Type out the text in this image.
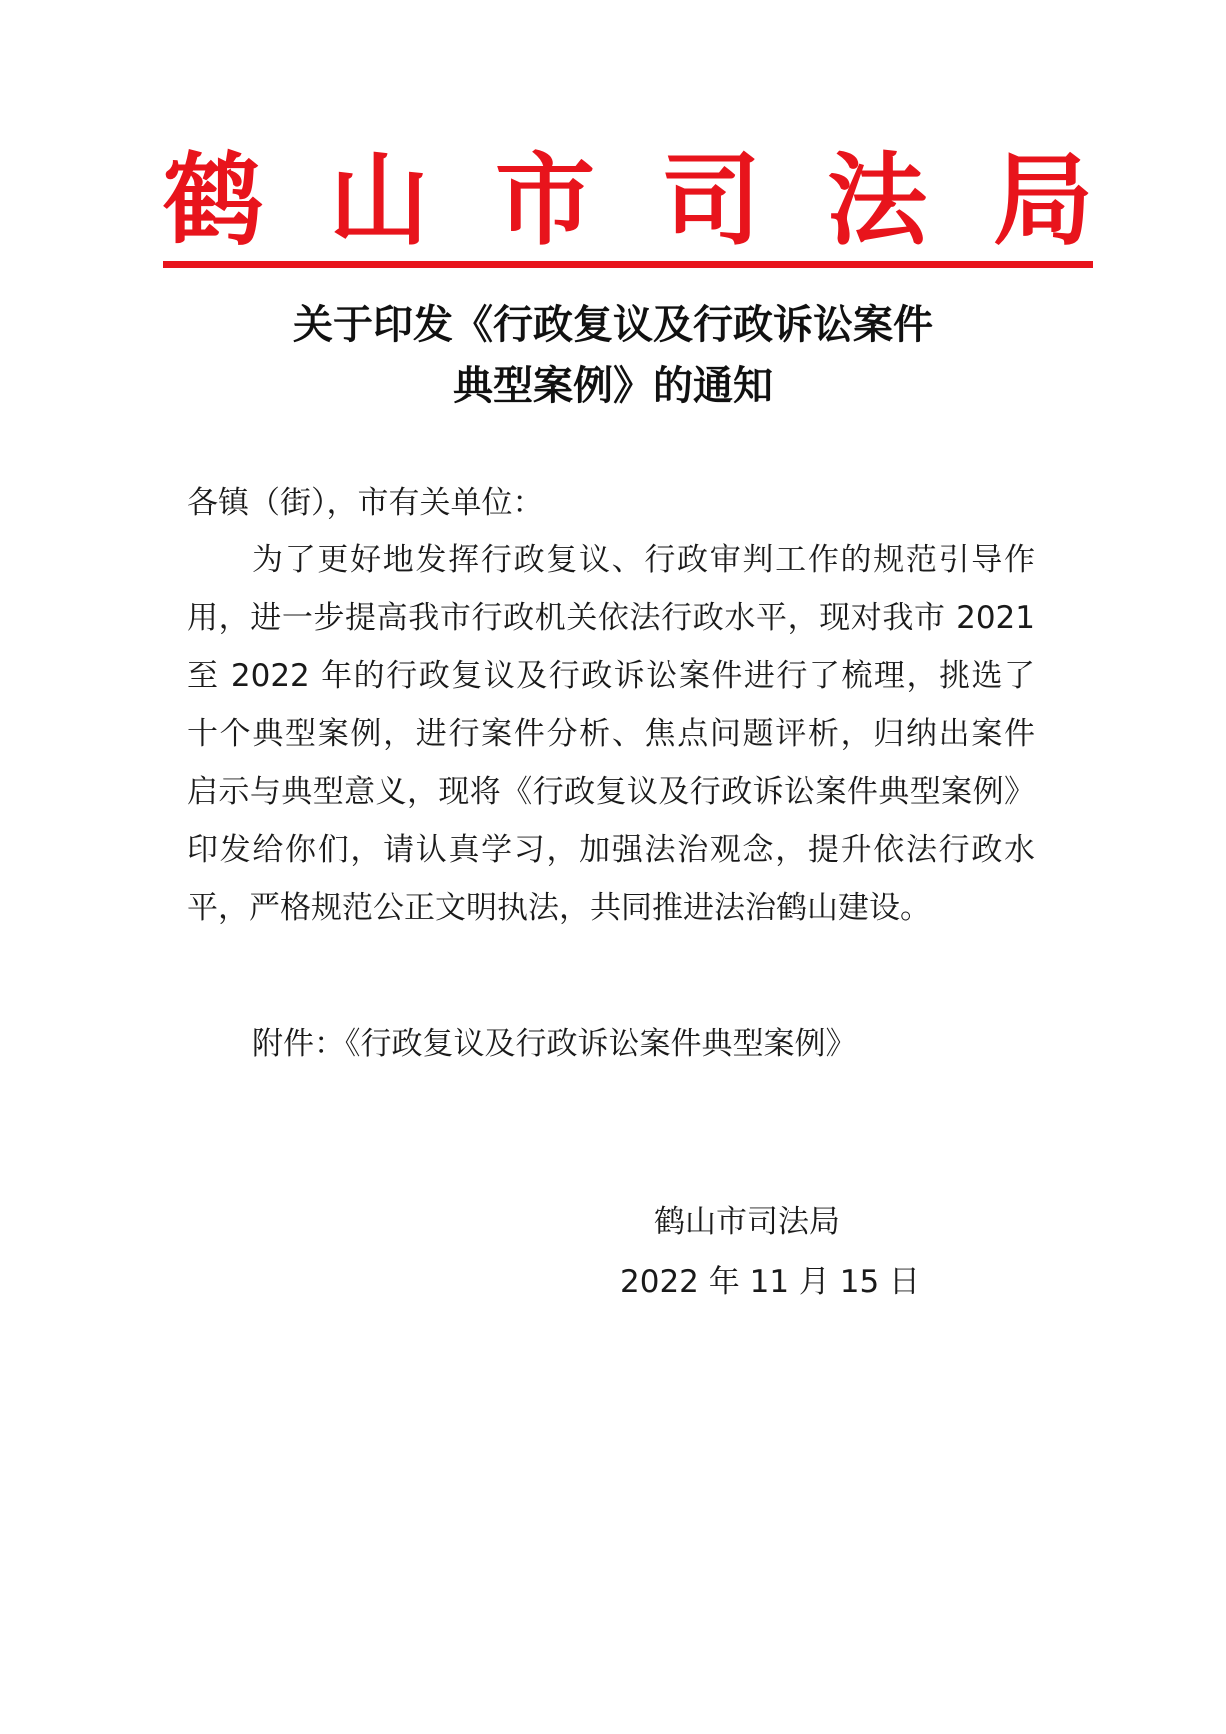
鹤 山 市 司 法 局
关于印发《行政复议及行政诉讼案件
典型案例》的通知
各镇（街），市有关单位：
为了更好地发挥行政复议、行政审判工作的规范引导作
用，进一步提高我市行政机关依法行政水平，现对我市 2021
至 2022 年的行政复议及行政诉讼案件进行了梳理，挑选了
十个典型案例，进行案件分析、焦点问题评析，归纳出案件
启示与典型意义，现将《行政复议及行政诉讼案件典型案例》
印发给你们，请认真学习，加强法治观念，提升依法行政水
平，严格规范公正文明执法，共同推进法治鹤山建设。
附件：《行政复议及行政诉讼案件典型案例》
鹤山市司法局
2022 年 11 月 15 日
